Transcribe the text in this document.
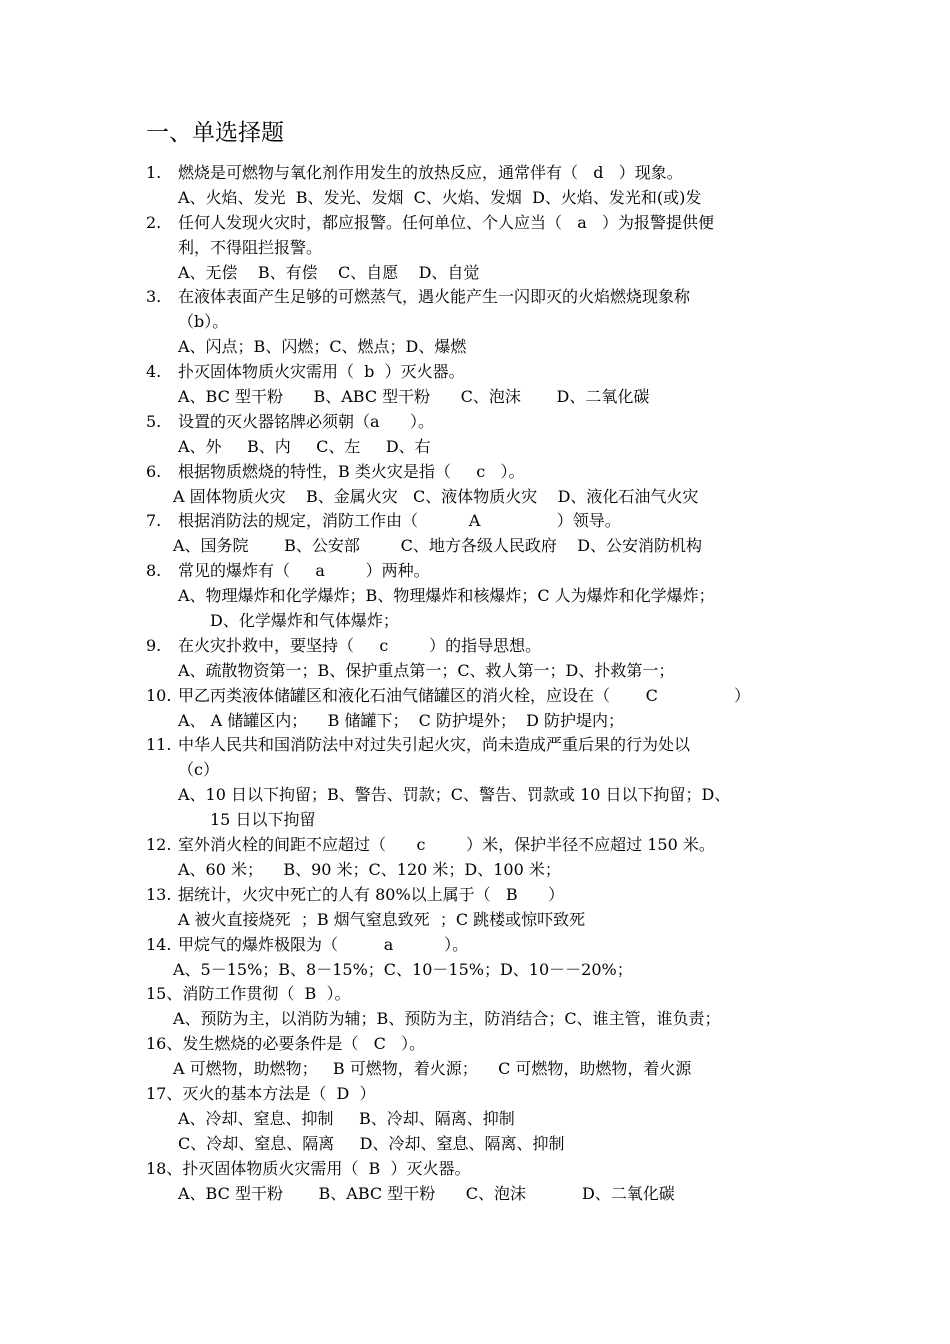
一、单选择题
1. 燃烧是可燃物与氧化剂作用发生的放热反应，通常伴有（   d   ）现象。
A、火焰、发光  B、发光、发烟  C、火焰、发烟  D、火焰、发光和(或)发
2. 任何人发现火灾时，都应报警。任何单位、个人应当（   a   ）为报警提供便
利，不得阻拦报警。
A、无偿    B、有偿    C、自愿    D、自觉
3. 在液体表面产生足够的可燃蒸气，遇火能产生一闪即灭的火焰燃烧现象称
（b）。
A、闪点；B、闪燃；C、燃点；D、爆燃
4. 扑灭固体物质火灾需用（  b  ）灭火器。
A、BC 型干粉      B、ABC 型干粉      C、泡沫       D、二氧化碳
5. 设置的灭火器铭牌必须朝（a      ）。
A、外     B、内     C、左     D、右
6. 根据物质燃烧的特性，B 类火灾是指（     c   ）。
A 固体物质火灾    B、金属火灾   C、液体物质火灾    D、液化石油气火灾
7. 根据消防法的规定，消防工作由（          A               ）领导。
A、国务院       B、公安部        C、地方各级人民政府    D、公安消防机构
8. 常见的爆炸有（     a        ）两种。
A、物理爆炸和化学爆炸；B、物理爆炸和核爆炸；C 人为爆炸和化学爆炸；
D、化学爆炸和气体爆炸；
9. 在火灾扑救中，要坚持（     c        ）的指导思想。
A、疏散物资第一；B、保护重点第一；C、救人第一；D、扑救第一；
10. 甲乙丙类液体储罐区和液化石油气储罐区的消火栓，应设在（       C               ）
A、 A 储罐区内；    B 储罐下；  C 防护堤外；  D 防护堤内；
11. 中华人民共和国消防法中对过失引起火灾，尚未造成严重后果的行为处以
（c）
A、10 日以下拘留；B、警告、罚款；C、警告、罚款或 10 日以下拘留；D、
15 日以下拘留
12. 室外消火栓的间距不应超过（      c        ）米，保护半径不应超过 150 米。
A、60 米；    B、90 米；C、120 米；D、100 米；
13. 据统计，火灾中死亡的人有 80%以上属于（   B      ）
A 被火直接烧死  ；B 烟气窒息致死  ；C 跳楼或惊吓致死
14. 甲烷气的爆炸极限为（         a          ）。
A、5－15%；B、8－15%；C、10－15%；D、10－－20%；
15、消防工作贯彻（  B  ）。
A、预防为主，以消防为辅；B、预防为主，防消结合；C、谁主管，谁负责；
16、发生燃烧的必要条件是（   C   ）。
A 可燃物，助燃物；   B 可燃物，着火源；    C 可燃物，助燃物，着火源
17、灭火的基本方法是（  D  ）
A、冷却、窒息、抑制     B、冷却、隔离、抑制
C、冷却、窒息、隔离     D、冷却、窒息、隔离、抑制
18、扑灭固体物质火灾需用（  B  ）灭火器。
A、BC 型干粉       B、ABC 型干粉      C、泡沫           D、二氧化碳
